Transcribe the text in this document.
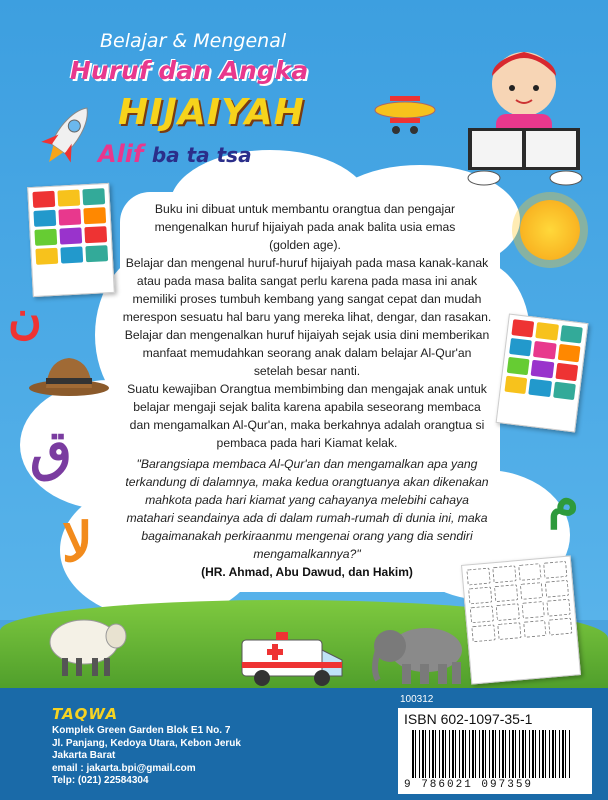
Belajar & Mengenal
Huruf dan Angka
HIJAIYAH
Alif ba ta tsa
ن
ق
لا
م

Buku ini dibuat untuk membantu orangtua dan pengajar mengenalkan huruf hijaiyah pada anak balita usia emas (golden age).

Belajar dan mengenal huruf-huruf hijaiyah pada masa kanak-kanak atau pada masa balita sangat perlu karena pada masa ini anak memiliki proses tumbuh kembang yang sangat cepat dan mudah merespon sesuatu hal baru yang mereka lihat, dengar, dan rasakan. Belajar dan mengenalkan huruf hijaiyah sejak usia dini memberikan manfaat memudahkan seorang anak dalam belajar Al-Qur'an setelah besar nanti.

Suatu kewajiban Orangtua membimbing dan mengajak anak untuk belajar mengaji sejak balita karena apabila seseorang membaca dan mengamalkan Al-Qur'an, maka berkahnya adalah orangtua si pembaca pada hari Kiamat kelak.

"Barangsiapa membaca Al-Qur'an dan mengamalkan apa yang terkandung di dalamnya, maka kedua orangtuanya akan dikenakan mahkota pada hari kiamat yang cahayanya melebihi cahaya matahari seandainya ada di dalam rumah-rumah di dunia ini, maka bagaimanakah perkiraanmu mengenai orang yang dia sendiri mengamalkannya?"

(HR. Ahmad, Abu Dawud, dan Hakim)

TAQWA
Komplek Green Garden Blok E1 No. 7
Jl. Panjang, Kedoya Utara, Kebon Jeruk
Jakarta Barat
email : jakarta.bpi@gmail.com
Telp: (021) 22584304
100312
ISBN 602-1097-35-1
9 786021 097359
